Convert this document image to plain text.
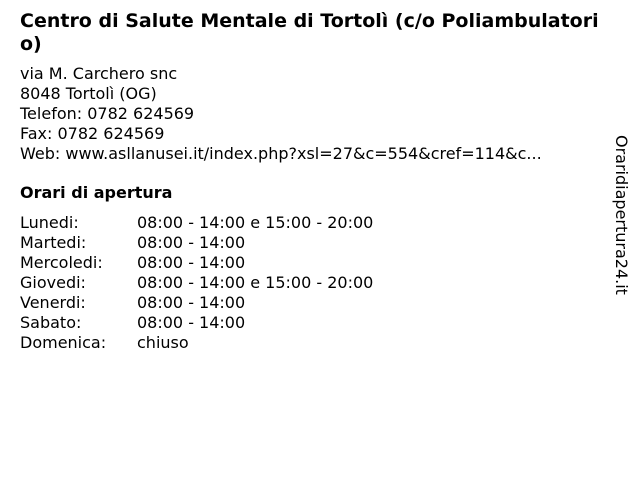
Centro di Salute Mentale di Tortolì (c/o Poliambulatorio)
via M. Carchero snc
8048 Tortolì (OG)
Telefon: 0782 624569
Fax: 0782 624569
Web: www.asllanusei.it/index.php?xsl=27&c=554&cref=114&c...
Orari di apertura
Lunedi:	08:00 - 14:00 e 15:00 - 20:00
Martedi:	08:00 - 14:00
Mercoledi:	08:00 - 14:00
Giovedi:	08:00 - 14:00 e 15:00 - 20:00
Venerdi:	08:00 - 14:00
Sabato:	08:00 - 14:00
Domenica:	chiuso
Oraridiapertura24.it
